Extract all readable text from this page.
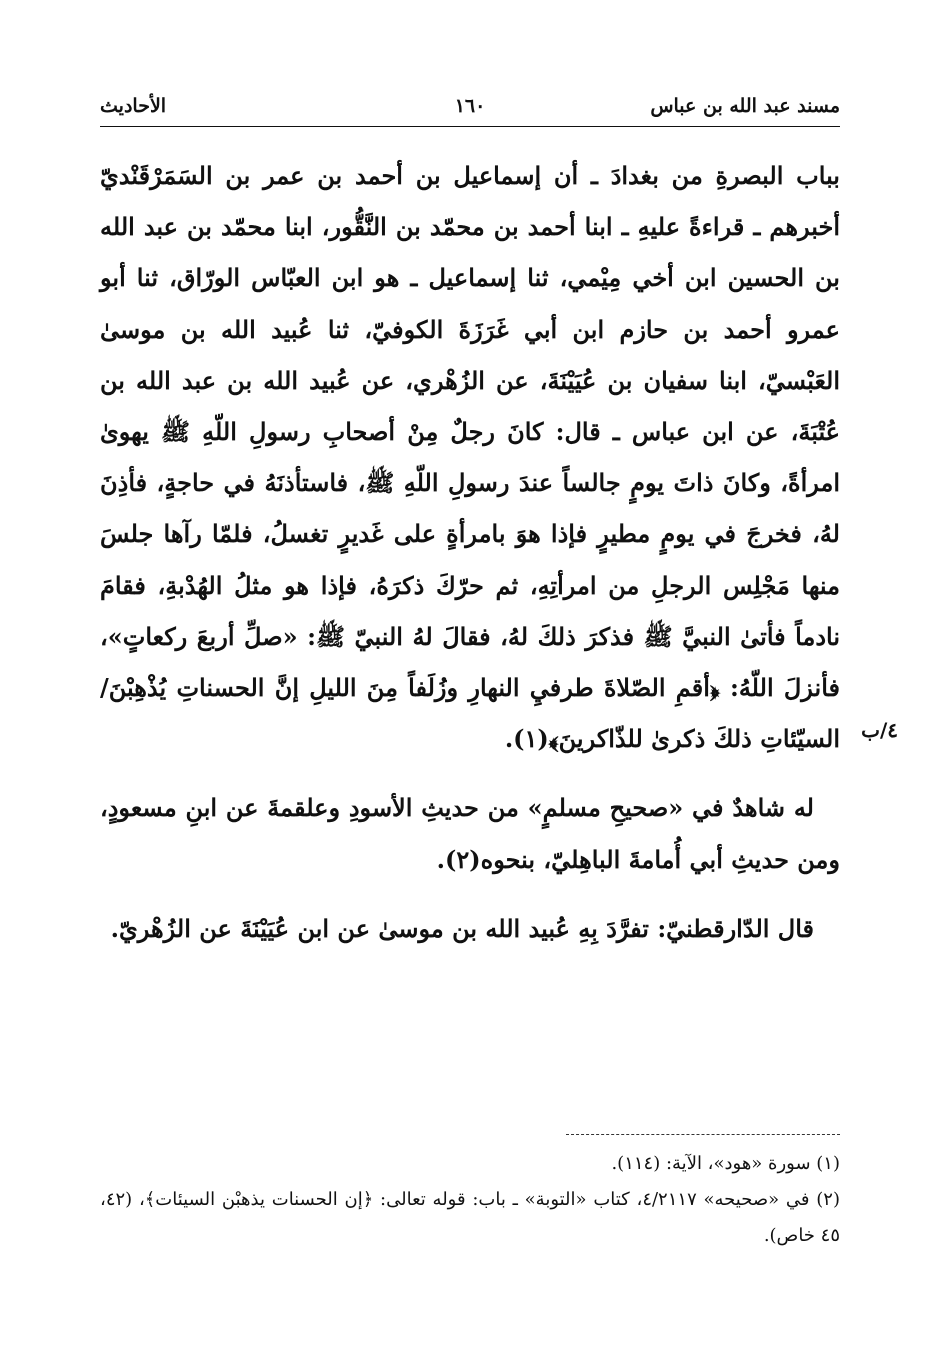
مسند عبد الله بن عباس
١٦٠
الأحاديث

بباب البصرةِ من بغدادَ ـ أن إسماعيل بن أحمد بن عمر بن السَمَرْقَنْديّ أخبرهم ـ قراءةً عليهِ ـ ابنا أحمد بن محمّد بن النَّقُّور، ابنا محمّد بن عبد الله بن الحسين ابن أخي مِيْمي، ثنا إسماعيل ـ هو ابن العبّاس الورّاق، ثنا أبو عمرو أحمد بن حازم ابن أبي غَرَزَةَ الكوفيّ، ثنا عُبيد الله بن موسىٰ العَبْسيّ، ابنا سفيان بن عُيَيْنَةَ، عن الزُهْري، عن عُبيد الله بن عبد الله بن عُتْبَةَ، عن ابن عباس ـ قال: كانَ رجلٌ مِنْ أصحابِ رسولِ اللّهِ ﷺ يهوىٰ امرأةً، وكانَ ذاتَ يومٍ جالساً عندَ رسولِ اللّهِ ﷺ، فاستأذنَهُ في حاجةٍ، فأذِنَ لهُ، فخرجَ في يومٍ مطيرٍ فإذا هوَ بامرأةٍ على غَديرٍ تغسلُ، فلمّا رآها جلسَ منها مَجْلِس الرجلِ من امرأتِهِ، ثم حرّكَ ذكرَهُ، فإذا هو مثلُ الهُدْبةِ، فقامَ نادماً فأتىٰ النبيَّ ﷺ فذكرَ ذلكَ لهُ، فقالَ لهُ النبيّ ﷺ: «صلِّ أربعَ ركعاتٍ»، فأنزلَ اللّهُ: ﴿أقمِ الصّلاةَ طرفيِ النهارِ وزُلَفاً مِنَ الليلِ إنَّ الحسناتِ يُذْهِبْنَ/ السيّئاتِ ذلكَ ذكرىٰ للذّاكرينَ﴾(١).

له شاهدٌ في «صحيحِ مسلمٍ» من حديثِ الأسودِ وعلقمةَ عن ابنِ مسعودٍ، ومن حديثِ أبي أُمامةَ الباهِليّ، بنحوه(٢).

قال الدّارقطنيّ: تفرَّدَ بِهِ عُبيد الله بن موسىٰ عن ابن عُيَيْنَةَ عن الزُهْريّ.

٤/ب

(١) سورة «هود»، الآية: (١١٤).

(٢) في «صحيحه» ٤/٢١١٧، كتاب «التوبة» ـ باب: قوله تعالى: ﴿إن الحسنات يذهبْن السيئات﴾، (٤٢، ٤٥ خاص).
